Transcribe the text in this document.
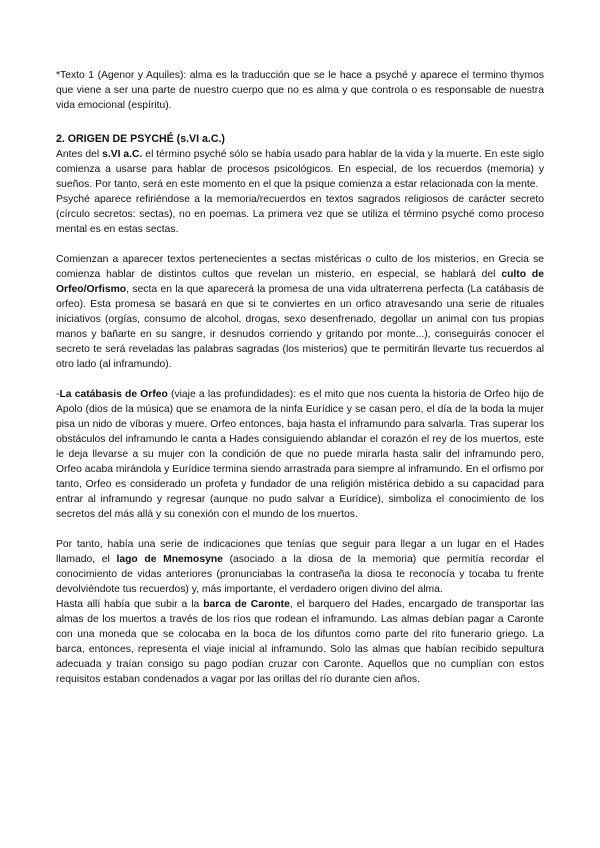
*Texto 1 (Agenor y Aquiles): alma es la traducción que se le hace a psyché y aparece el termino thymos que viene a ser una parte de nuestro cuerpo que no es alma y que controla o es responsable de nuestra vida emocional (espíritu).

2. ORIGEN DE PSYCHÉ (s.VI a.C.)

Antes del s.VI a.C. el término psyché sólo se había usado para hablar de la vida y la muerte. En este siglo comienza a usarse para hablar de procesos psicológicos. En especial, de los recuerdos (memoria) y sueños. Por tanto, será en este momento en el que la psique comienza a estar relacionada con la mente.

Psyché aparece refiriéndose a la memoria/recuerdos en textos sagrados religiosos de carácter secreto (círculo secretos: sectas), no en poemas. La primera vez que se utiliza el término psyché como proceso mental es en estas sectas.

Comienzan a aparecer textos pertenecientes a sectas mistéricas o culto de los misterios, en Grecia se comienza hablar de distintos cultos que revelan un misterio, en especial, se hablará del culto de Orfeo/Orfismo, secta en la que aparecerá la promesa de una vida ultraterrena perfecta (La catábasis de orfeo). Esta promesa se basará en que si te conviertes en un orfico atravesando una serie de rituales iniciativos (orgías, consumo de alcohol, drogas, sexo desenfrenado, degollar un animal con tus propias manos y bañarte en su sangre, ir desnudos corriendo y gritando por monte...), conseguirás conocer el secreto te será reveladas las palabras sagradas (los misterios) que te permitirán llevarte tus recuerdos al otro lado (al inframundo).

-La catábasis de Orfeo (viaje a las profundidades): es el mito que nos cuenta la historia de Orfeo hijo de Apolo (dios de la música) que se enamora de la ninfa Eurídice y se casan pero, el día de la boda la mujer pisa un nido de víboras y muere. Orfeo entonces, baja hasta el inframundo para salvarla. Tras superar los obstáculos del inframundo le canta a Hades consiguiendo ablandar el corazón el rey de los muertos, este le deja llevarse a su mujer con la condición de que no puede mirarla hasta salir del inframundo pero, Orfeo acaba mirándola y Eurídice termina siendo arrastrada para siempre al inframundo. En el orfismo por tanto, Orfeo es considerado un profeta y fundador de una religión mistérica debido a su capacidad para entrar al inframundo y regresar (aunque no pudo salvar a Eurídice), simboliza el conocimiento de los secretos del más allá y su conexión con el mundo de los muertos.

Por tanto, había una serie de indicaciones que tenías que seguir para llegar a un lugar en el Hades llamado, el lago de Mnemosyne (asociado a la diosa de la memoria) que permitía recordar el conocimiento de vidas anteriores (pronunciabas la contraseña la diosa te reconocía y tocaba tu frente devolviéndote tus recuerdos) y, más importante, el verdadero origen divino del alma.

Hasta allí había que subir a la barca de Caronte, el barquero del Hades, encargado de transportar las almas de los muertos a través de los ríos que rodean el inframundo. Las almas debían pagar a Caronte con una moneda que se colocaba en la boca de los difuntos como parte del rito funerario griego. La barca, entonces, representa el viaje inicial al inframundo. Solo las almas que habían recibido sepultura adecuada y traían consigo su pago podían cruzar con Caronte. Aquellos que no cumplían con estos requisitos estaban condenados a vagar por las orillas del río durante cien años.
